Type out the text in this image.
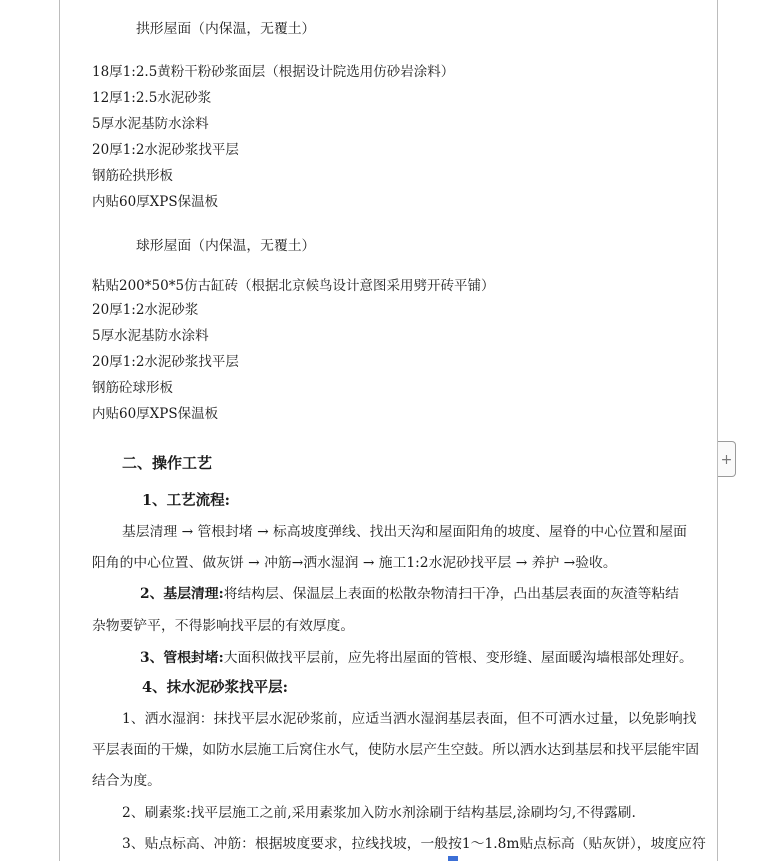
拱形屋面（内保温，无覆土）
18厚1:2.5黄粉干粉砂浆面层（根据设计院选用仿砂岩涂料）
12厚1:2.5水泥砂浆
5厚水泥基防水涂料
20厚1:2水泥砂浆找平层
钢筋砼拱形板
内贴60厚XPS保温板
球形屋面（内保温，无覆土）
粘贴200*50*5仿古缸砖（根据北京候鸟设计意图采用劈开砖平铺）
20厚1:2水泥砂浆
5厚水泥基防水涂料
20厚1:2水泥砂浆找平层
钢筋砼球形板
内贴60厚XPS保温板
二、操作工艺
1、工艺流程:
基层清理 → 管根封堵 → 标高坡度弹线、找出天沟和屋面阳角的坡度、屋脊的中心位置和屋面
阳角的中心位置、做灰饼 → 冲筋→洒水湿润 → 施工1:2水泥砂找平层 → 养护 →验收。
2、基层清理:将结构层、保温层上表面的松散杂物清扫干净，凸出基层表面的灰渣等粘结
杂物要铲平，不得影响找平层的有效厚度。
3、管根封堵:大面积做找平层前，应先将出屋面的管根、变形缝、屋面暖沟墙根部处理好。
4、抹水泥砂浆找平层:
1、洒水湿润：抹找平层水泥砂浆前，应适当洒水湿润基层表面，但不可洒水过量，以免影响找
平层表面的干燥，如防水层施工后窝住水气，使防水层产生空鼓。所以洒水达到基层和找平层能牢固
结合为度。
2、刷素浆:找平层施工之前,采用素浆加入防水剂涂刷于结构基层,涂刷均匀,不得露刷.
3、贴点标高、冲筋：根据坡度要求，拉线找坡，一般按1～1.8m贴点标高（贴灰饼），坡度应符
+
